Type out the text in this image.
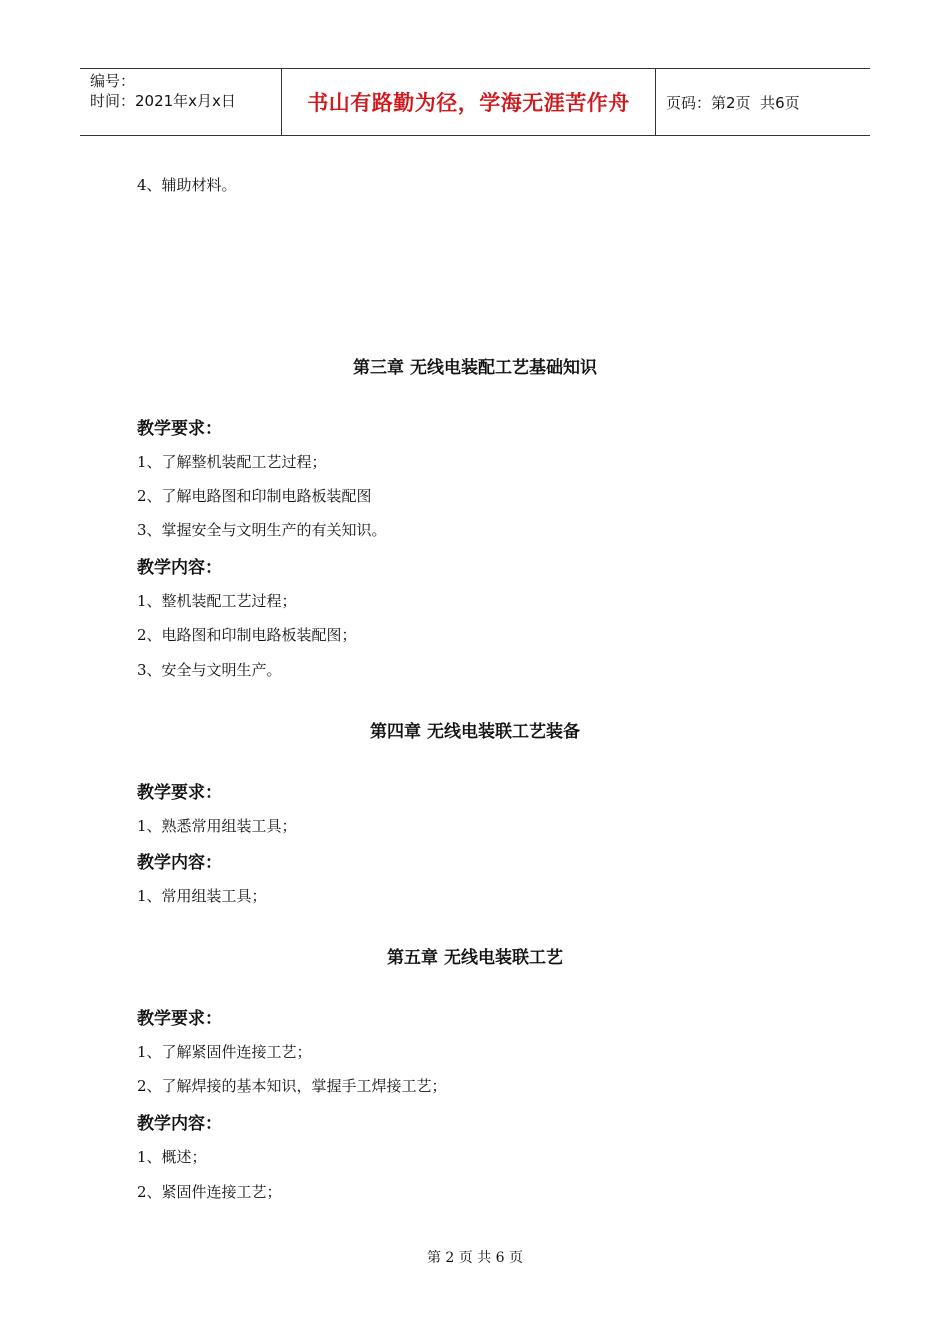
编号：
时间：2021年x月x日	书山有路勤为径，学海无涯苦作舟 页码：第2页  共6页
4、辅助材料。
第三章 无线电装配工艺基础知识
教学要求：
1、了解整机装配工艺过程；
2、了解电路图和印制电路板装配图
3、掌握安全与文明生产的有关知识。
教学内容：
1、整机装配工艺过程；
2、电路图和印制电路板装配图；
3、安全与文明生产。
第四章 无线电装联工艺装备
教学要求：
1、熟悉常用组装工具；
教学内容：
1、常用组装工具；
第五章 无线电装联工艺
教学要求：
1、了解紧固件连接工艺；
2、了解焊接的基本知识，掌握手工焊接工艺；
教学内容：
1、概述；
2、紧固件连接工艺；
第 2 页 共 6 页
